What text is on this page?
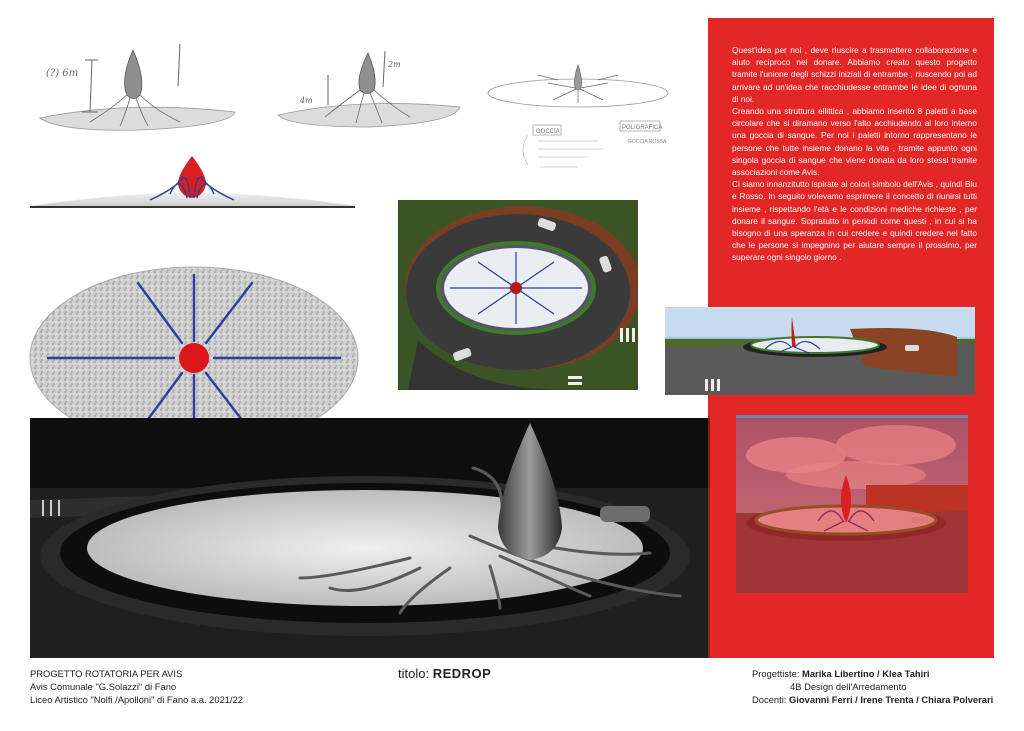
Quest'idea per noi , deve riuscire a trasmettere collaborazione e aiuto reciproco nel donare. Abbiamo creato questo progetto tramite l'unione degli schizzi iniziali di entrambe , riuscendo poi ad arrivare ad un'idea che racchiudesse entrambe le idee di ognuna di noi.

Creando una struttura ellittica , abbiamo inserito 8 paletti a base circolare che si diramano verso l'alto acchiudendo al loro interno una goccia di sangue. Per noi i paletti intorno rappresentano le persone che tutte insieme donano la vita , tramite appunto ogni singola goccia di sangue che viene donata da loro stessi tramite associazioni come Avis.

Ci siamo innanzitutto ispirate ai colori simbolo dell'Avis , quindi Blu e Rosso. In seguito volevamo esprimere il concetto di riunirsi tutti insieme , rispettando l'età e le condizioni mediche richieste , per donare il sangue. Sopratutto in periodi come questi , in cui si ha bisogno di una speranza in cui credere e quindi credere nel fatto che le persone si impegnino per aiutare sempre il prossimo, per superare ogni singolo giorno .

(?) 6m
2m
4m
GOCCIA
POLIGRAFICA
GOCCIA ROSSA
PROGETTO ROTATORIA PER AVIS
Avis Comunale "G.Solazzi" di Fano
Liceo Artistico "Nolfi /Apolloni" di Fano a.a. 2021/22
titolo: REDROP	Progettiste: Marika Libertino / Klea Tahiri
4B Design dell'Arredamento
Docenti: Giovanni Ferri / Irene Trenta / Chiara Polverari
